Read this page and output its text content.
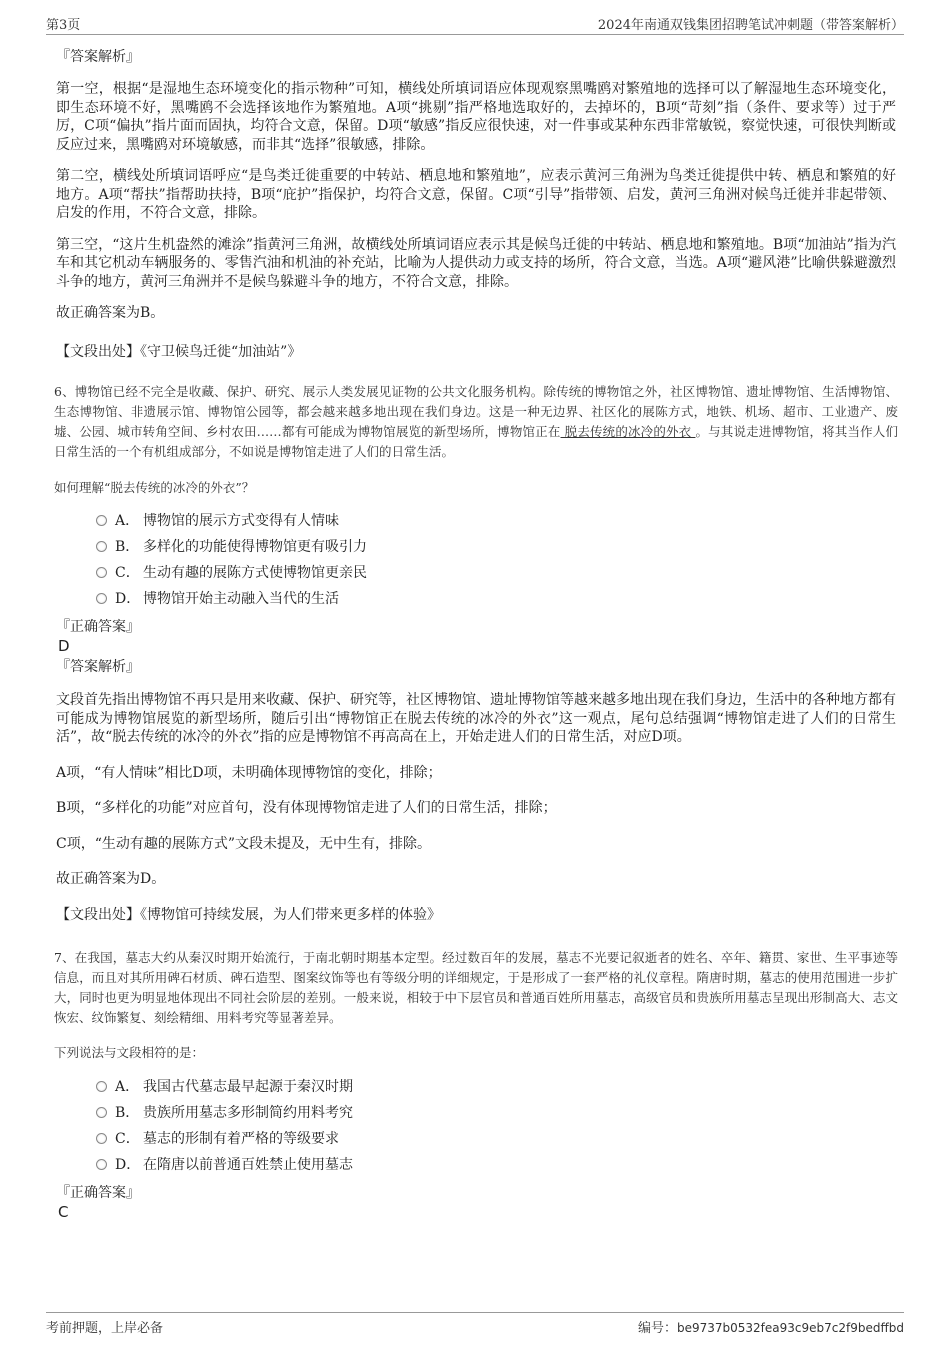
第3页	2024年南通双钱集团招聘笔试冲刺题（带答案解析）
『答案解析』

第一空，根据“是湿地生态环境变化的指示物种”可知，横线处所填词语应体现观察黑嘴鸥对繁殖地的选择可以了解湿地生态环境变化，即生态环境不好，黑嘴鸥不会选择该地作为繁殖地。A项“挑剔”指严格地选取好的，去掉坏的，B项“苛刻”指（条件、要求等）过于严厉，C项“偏执”指片面而固执，均符合文意，保留。D项“敏感”指反应很快速，对一件事或某种东西非常敏锐，察觉快速，可很快判断或反应过来，黑嘴鸥对环境敏感，而非其“选择”很敏感，排除。

第二空，横线处所填词语呼应“是鸟类迁徙重要的中转站、栖息地和繁殖地”，应表示黄河三角洲为鸟类迁徙提供中转、栖息和繁殖的好地方。A项“帮扶”指帮助扶持，B项“庇护”指保护，均符合文意，保留。C项“引导”指带领、启发，黄河三角洲对候鸟迁徙并非起带领、启发的作用，不符合文意，排除。

第三空，“这片生机盎然的滩涂”指黄河三角洲，故横线处所填词语应表示其是候鸟迁徙的中转站、栖息地和繁殖地。B项“加油站”指为汽车和其它机动车辆服务的、零售汽油和机油的补充站，比喻为人提供动力或支持的场所，符合文意，当选。A项“避风港”比喻供躲避激烈斗争的地方，黄河三角洲并不是候鸟躲避斗争的地方，不符合文意，排除。

故正确答案为B。

【文段出处】《守卫候鸟迁徙“加油站”》

6、博物馆已经不完全是收藏、保护、研究、展示人类发展见证物的公共文化服务机构。除传统的博物馆之外，社区博物馆、遗址博物馆、生活博物馆、生态博物馆、非遗展示馆、博物馆公园等，都会越来越多地出现在我们身边。这是一种无边界、社区化的展陈方式，地铁、机场、超市、工业遗产、废墟、公园、城市转角空间、乡村农田……都有可能成为博物馆展览的新型场所，博物馆正在 脱去传统的冰冷的外衣 。与其说走进博物馆，将其当作人们日常生活的一个有机组成部分，不如说是博物馆走进了人们的日常生活。

如何理解“脱去传统的冰冷的外衣”？
A． 博物馆的展示方式变得有人情味
B． 多样化的功能使得博物馆更有吸引力
C． 生动有趣的展陈方式使博物馆更亲民
D． 博物馆开始主动融入当代的生活
『正确答案』
D
『答案解析』

文段首先指出博物馆不再只是用来收藏、保护、研究等，社区博物馆、遗址博物馆等越来越多地出现在我们身边，生活中的各种地方都有可能成为博物馆展览的新型场所，随后引出“博物馆正在脱去传统的冰冷的外衣”这一观点，尾句总结强调“博物馆走进了人们的日常生活”，故“脱去传统的冰冷的外衣”指的应是博物馆不再高高在上，开始走进人们的日常生活，对应D项。

A项，“有人情味”相比D项，未明确体现博物馆的变化，排除；

B项，“多样化的功能”对应首句，没有体现博物馆走进了人们的日常生活，排除；

C项，“生动有趣的展陈方式”文段未提及，无中生有，排除。

故正确答案为D。

【文段出处】《博物馆可持续发展，为人们带来更多样的体验》

7、在我国，墓志大约从秦汉时期开始流行，于南北朝时期基本定型。经过数百年的发展，墓志不光要记叙逝者的姓名、卒年、籍贯、家世、生平事迹等信息，而且对其所用碑石材质、碑石造型、图案纹饰等也有等级分明的详细规定，于是形成了一套严格的礼仪章程。隋唐时期，墓志的使用范围进一步扩大，同时也更为明显地体现出不同社会阶层的差别。一般来说，相较于中下层官员和普通百姓所用墓志，高级官员和贵族所用墓志呈现出形制高大、志文恢宏、纹饰繁复、刻绘精细、用料考究等显著差异。

下列说法与文段相符的是：
A． 我国古代墓志最早起源于秦汉时期
B． 贵族所用墓志多形制简约用料考究
C． 墓志的形制有着严格的等级要求
D． 在隋唐以前普通百姓禁止使用墓志
『正确答案』
C
考前押题，上岸必备	编号：be9737b0532fea93c9eb7c2f9bedffbd
